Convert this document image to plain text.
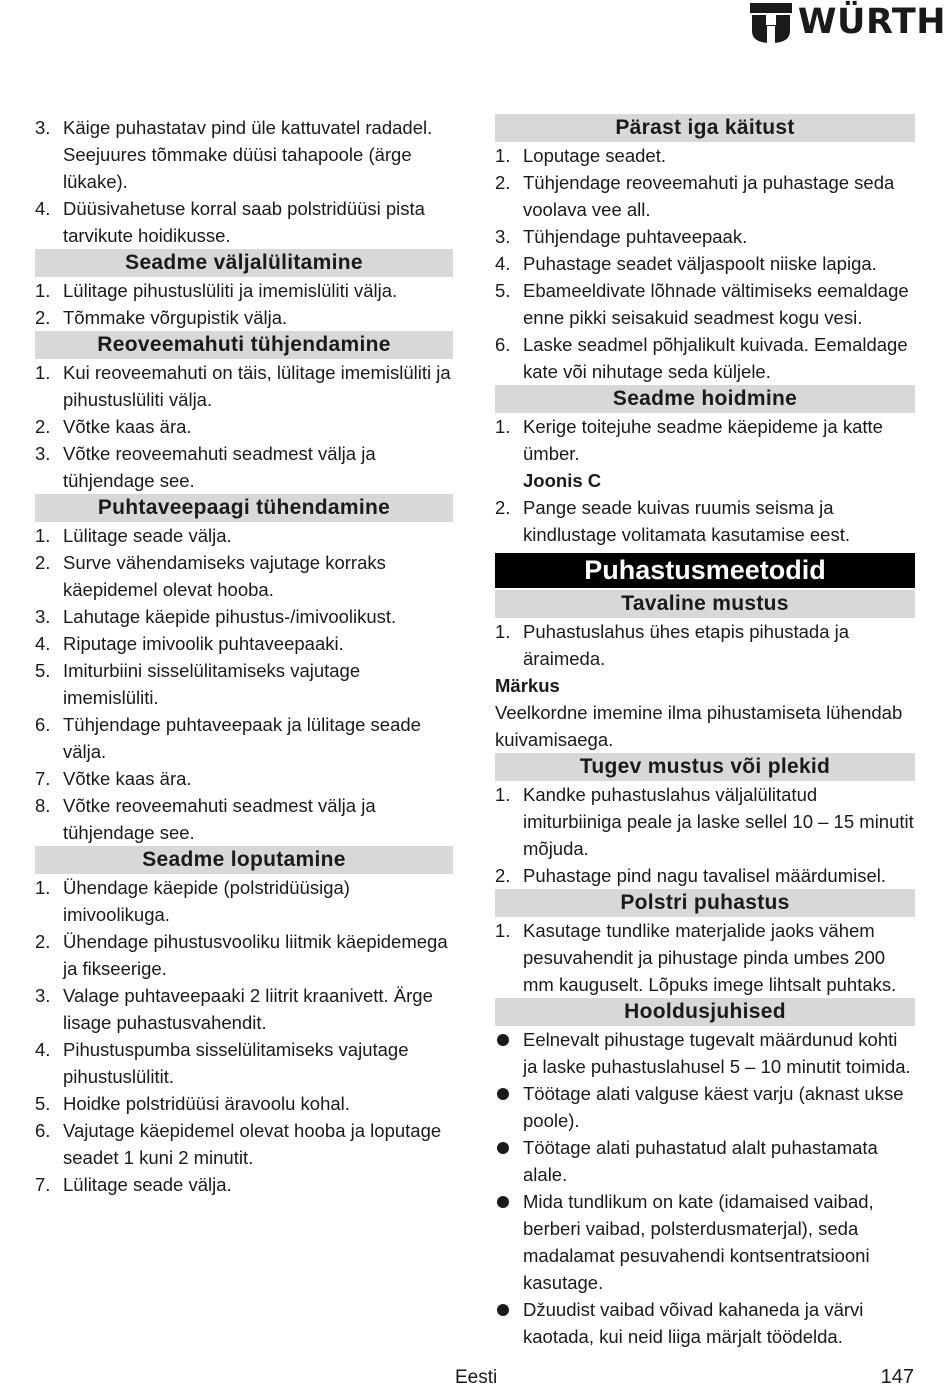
WÜRTH
3. Käige puhastatav pind üle kattuvatel radadel. Seejuures tõmmake düüsi tahapoole (ärge lükake).
4. Düüsivahetuse korral saab polstridüüsi pista tarvikute hoidikusse.
Seadme väljalülitamine
1. Lülitage pihustuslüliti ja imemislüliti välja.
2. Tõmmake võrgupistik välja.
Reoveemahuti tühjendamine
1. Kui reoveemahuti on täis, lülitage imemislüliti ja pihustuslüliti välja.
2. Võtke kaas ära.
3. Võtke reoveemahuti seadmest välja ja tühjendage see.
Puhtaveepaagi tühendamine
1. Lülitage seade välja.
2. Surve vähendamiseks vajutage korraks käepidemel olevat hooba.
3. Lahutage käepide pihustus-/imivoolikust.
4. Riputage imivoolik puhtaveepaaki.
5. Imiturbiini sisselülitamiseks vajutage imemislüliti.
6. Tühjendage puhtaveepaak ja lülitage seade välja.
7. Võtke kaas ära.
8. Võtke reoveemahuti seadmest välja ja tühjendage see.
Seadme loputamine
1. Ühendage käepide (polstridüüsiga) imivoolikuga.
2. Ühendage pihustusvooliku liitmik käepidemega ja fikseerige.
3. Valage puhtaveepaaki 2 liitrit kraanivett. Ärge lisage puhastusvahendit.
4. Pihustuspumba sisselülitamiseks vajutage pihustuslülitit.
5. Hoidke polstridüüsi äravoolu kohal.
6. Vajutage käepidemel olevat hooba ja loputage seadet 1 kuni 2 minutit.
7. Lülitage seade välja.
Pärast iga käitust
1. Loputage seadet.
2. Tühjendage reoveemahuti ja puhastage seda voolava vee all.
3. Tühjendage puhtaveepaak.
4. Puhastage seadet väljaspoolt niiske lapiga.
5. Ebameeldivate lõhnade vältimiseks eemaldage enne pikki seisakuid seadmest kogu vesi.
6. Laske seadmel põhjalikult kuivada. Eemaldage kate või nihutage seda küljele.
Seadme hoidmine
1. Kerige toitejuhe seadme käepideme ja katte ümber.
Joonis C
2. Pange seade kuivas ruumis seisma ja kindlustage volitamata kasutamise eest.
Puhastusmeetodid
Tavaline mustus
1. Puhastuslahus ühes etapis pihustada ja äraimeda.
Märkus
Veelkordne imemine ilma pihustamiseta lühendab kuivamisaega.
Tugev mustus või plekid
1. Kandke puhastuslahus väljalülitatud imiturbiiniga peale ja laske sellel 10 – 15 minutit mõjuda.
2. Puhastage pind nagu tavalisel määrdumisel.
Polstri puhastus
1. Kasutage tundlike materjalide jaoks vähem pesuvahendit ja pihustage pinda umbes 200 mm kauguselt. Lõpuks imege lihtsalt puhtaks.
Hooldusjuhised
Eelnevalt pihustage tugevalt määrdunud kohti ja laske puhastuslahusel 5 – 10 minutit toimida.
Töötage alati valguse käest varju (aknast ukse poole).
Töötage alati puhastatud alalt puhastamata alale.
Mida tundlikum on kate (idamaised vaibad, berberi vaibad, polsterdusmaterjal), seda madalamat pesuvahendi kontsentratsiooni kasutage.
Džuudist vaibad võivad kahaneda ja värvi kaotada, kui neid liiga märjalt töödelda.
Eesti	147
